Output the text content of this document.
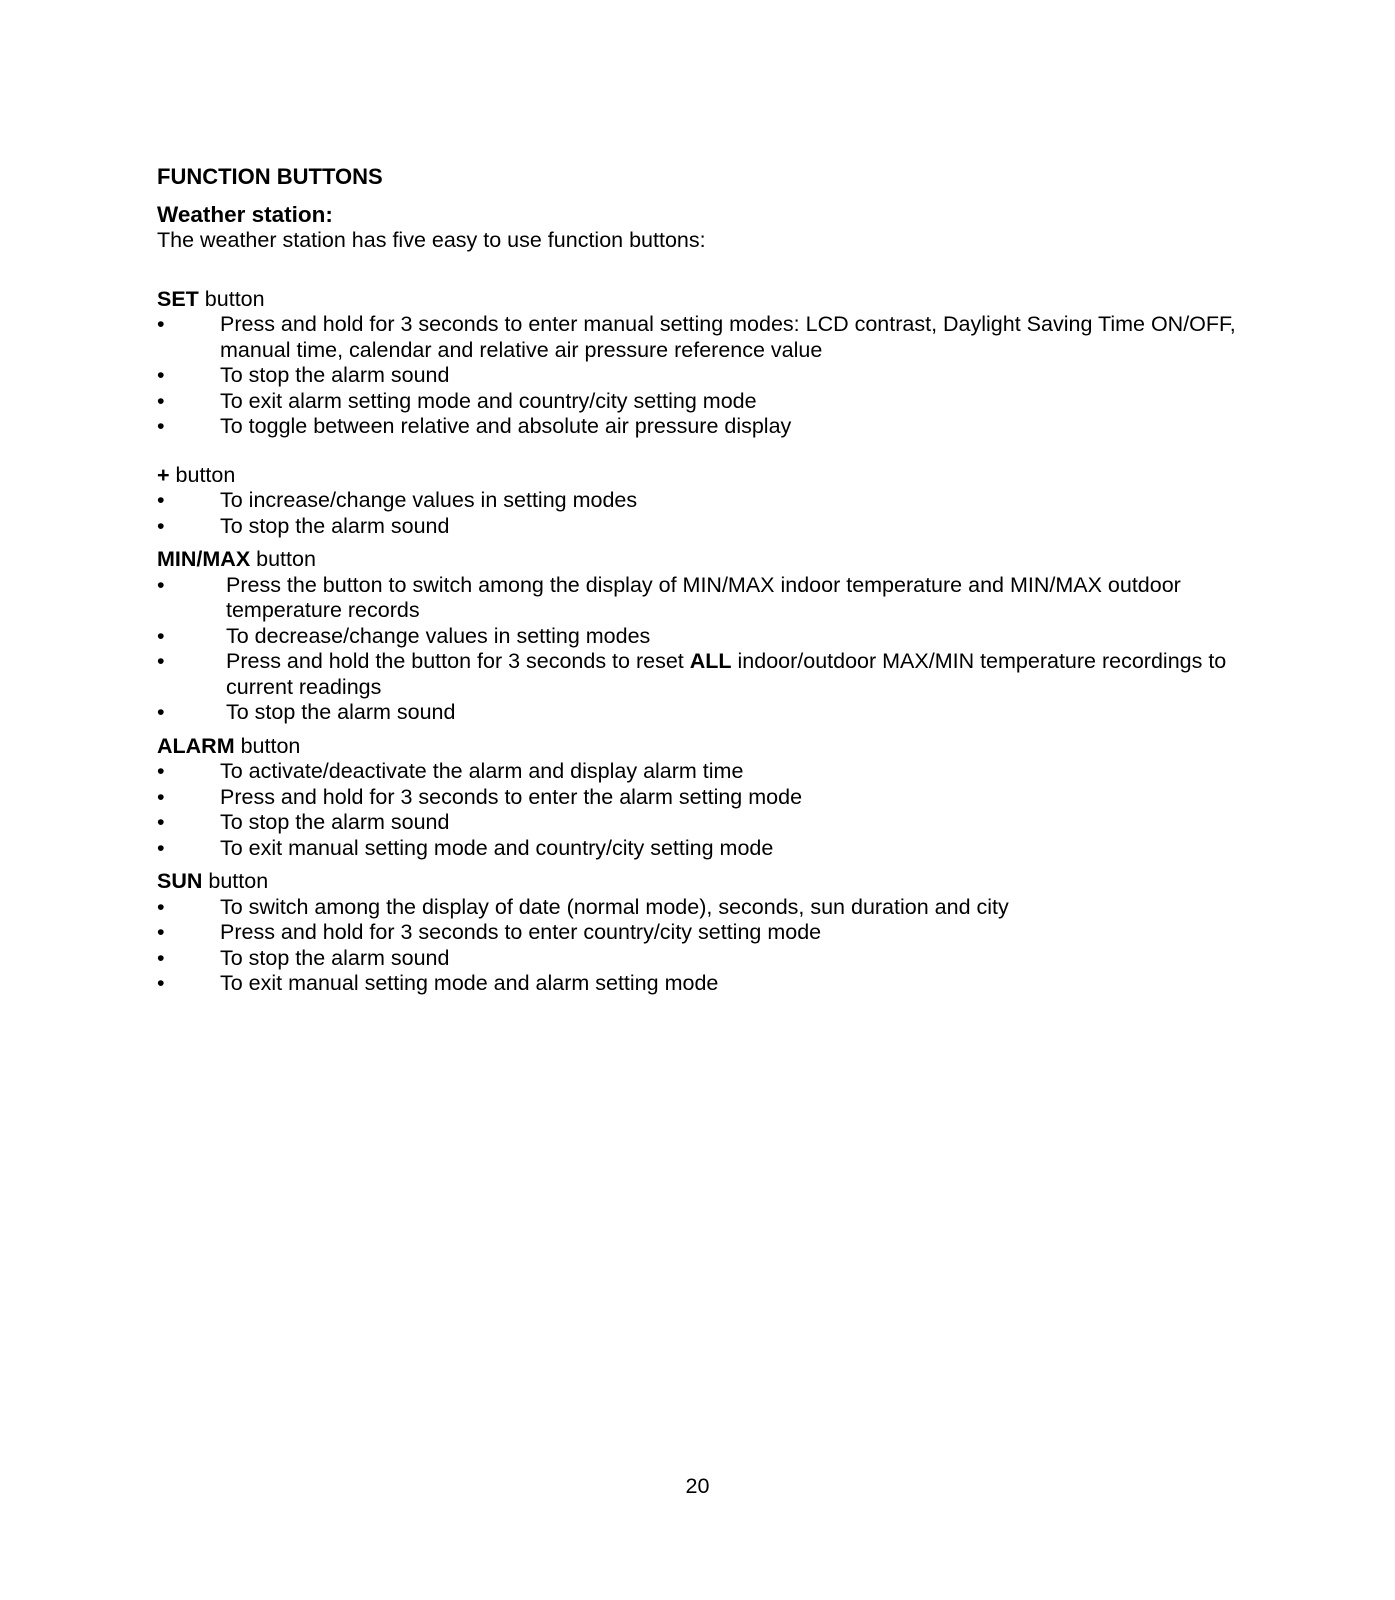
FUNCTION BUTTONS
Weather station:
The weather station has five easy to use function buttons:
SET button
•	Press and hold for 3 seconds to enter manual setting modes: LCD contrast, Daylight Saving Time ON/OFF, manual time, calendar and relative air pressure reference value
•	To stop the alarm sound
•	To exit alarm setting mode and country/city setting mode
•	To toggle between relative and absolute air pressure display
+ button
•	To increase/change values in setting modes
•	To stop the alarm sound
MIN/MAX button
•	Press the button to switch among the display of MIN/MAX indoor temperature and MIN/MAX outdoor temperature records
•	To decrease/change values in setting modes
•	Press and hold the button for 3 seconds to reset ALL indoor/outdoor MAX/MIN temperature recordings to current readings
•	To stop the alarm sound
ALARM button
•	To activate/deactivate the alarm and display alarm time
•	Press and hold for 3 seconds to enter the alarm setting mode
•	To stop the alarm sound
•	To exit manual setting mode and country/city setting mode
SUN button
•	To switch among the display of date (normal mode), seconds, sun duration and city
•	Press and hold for 3 seconds to enter country/city setting mode
•	To stop the alarm sound
•	To exit manual setting mode and alarm setting mode
20
